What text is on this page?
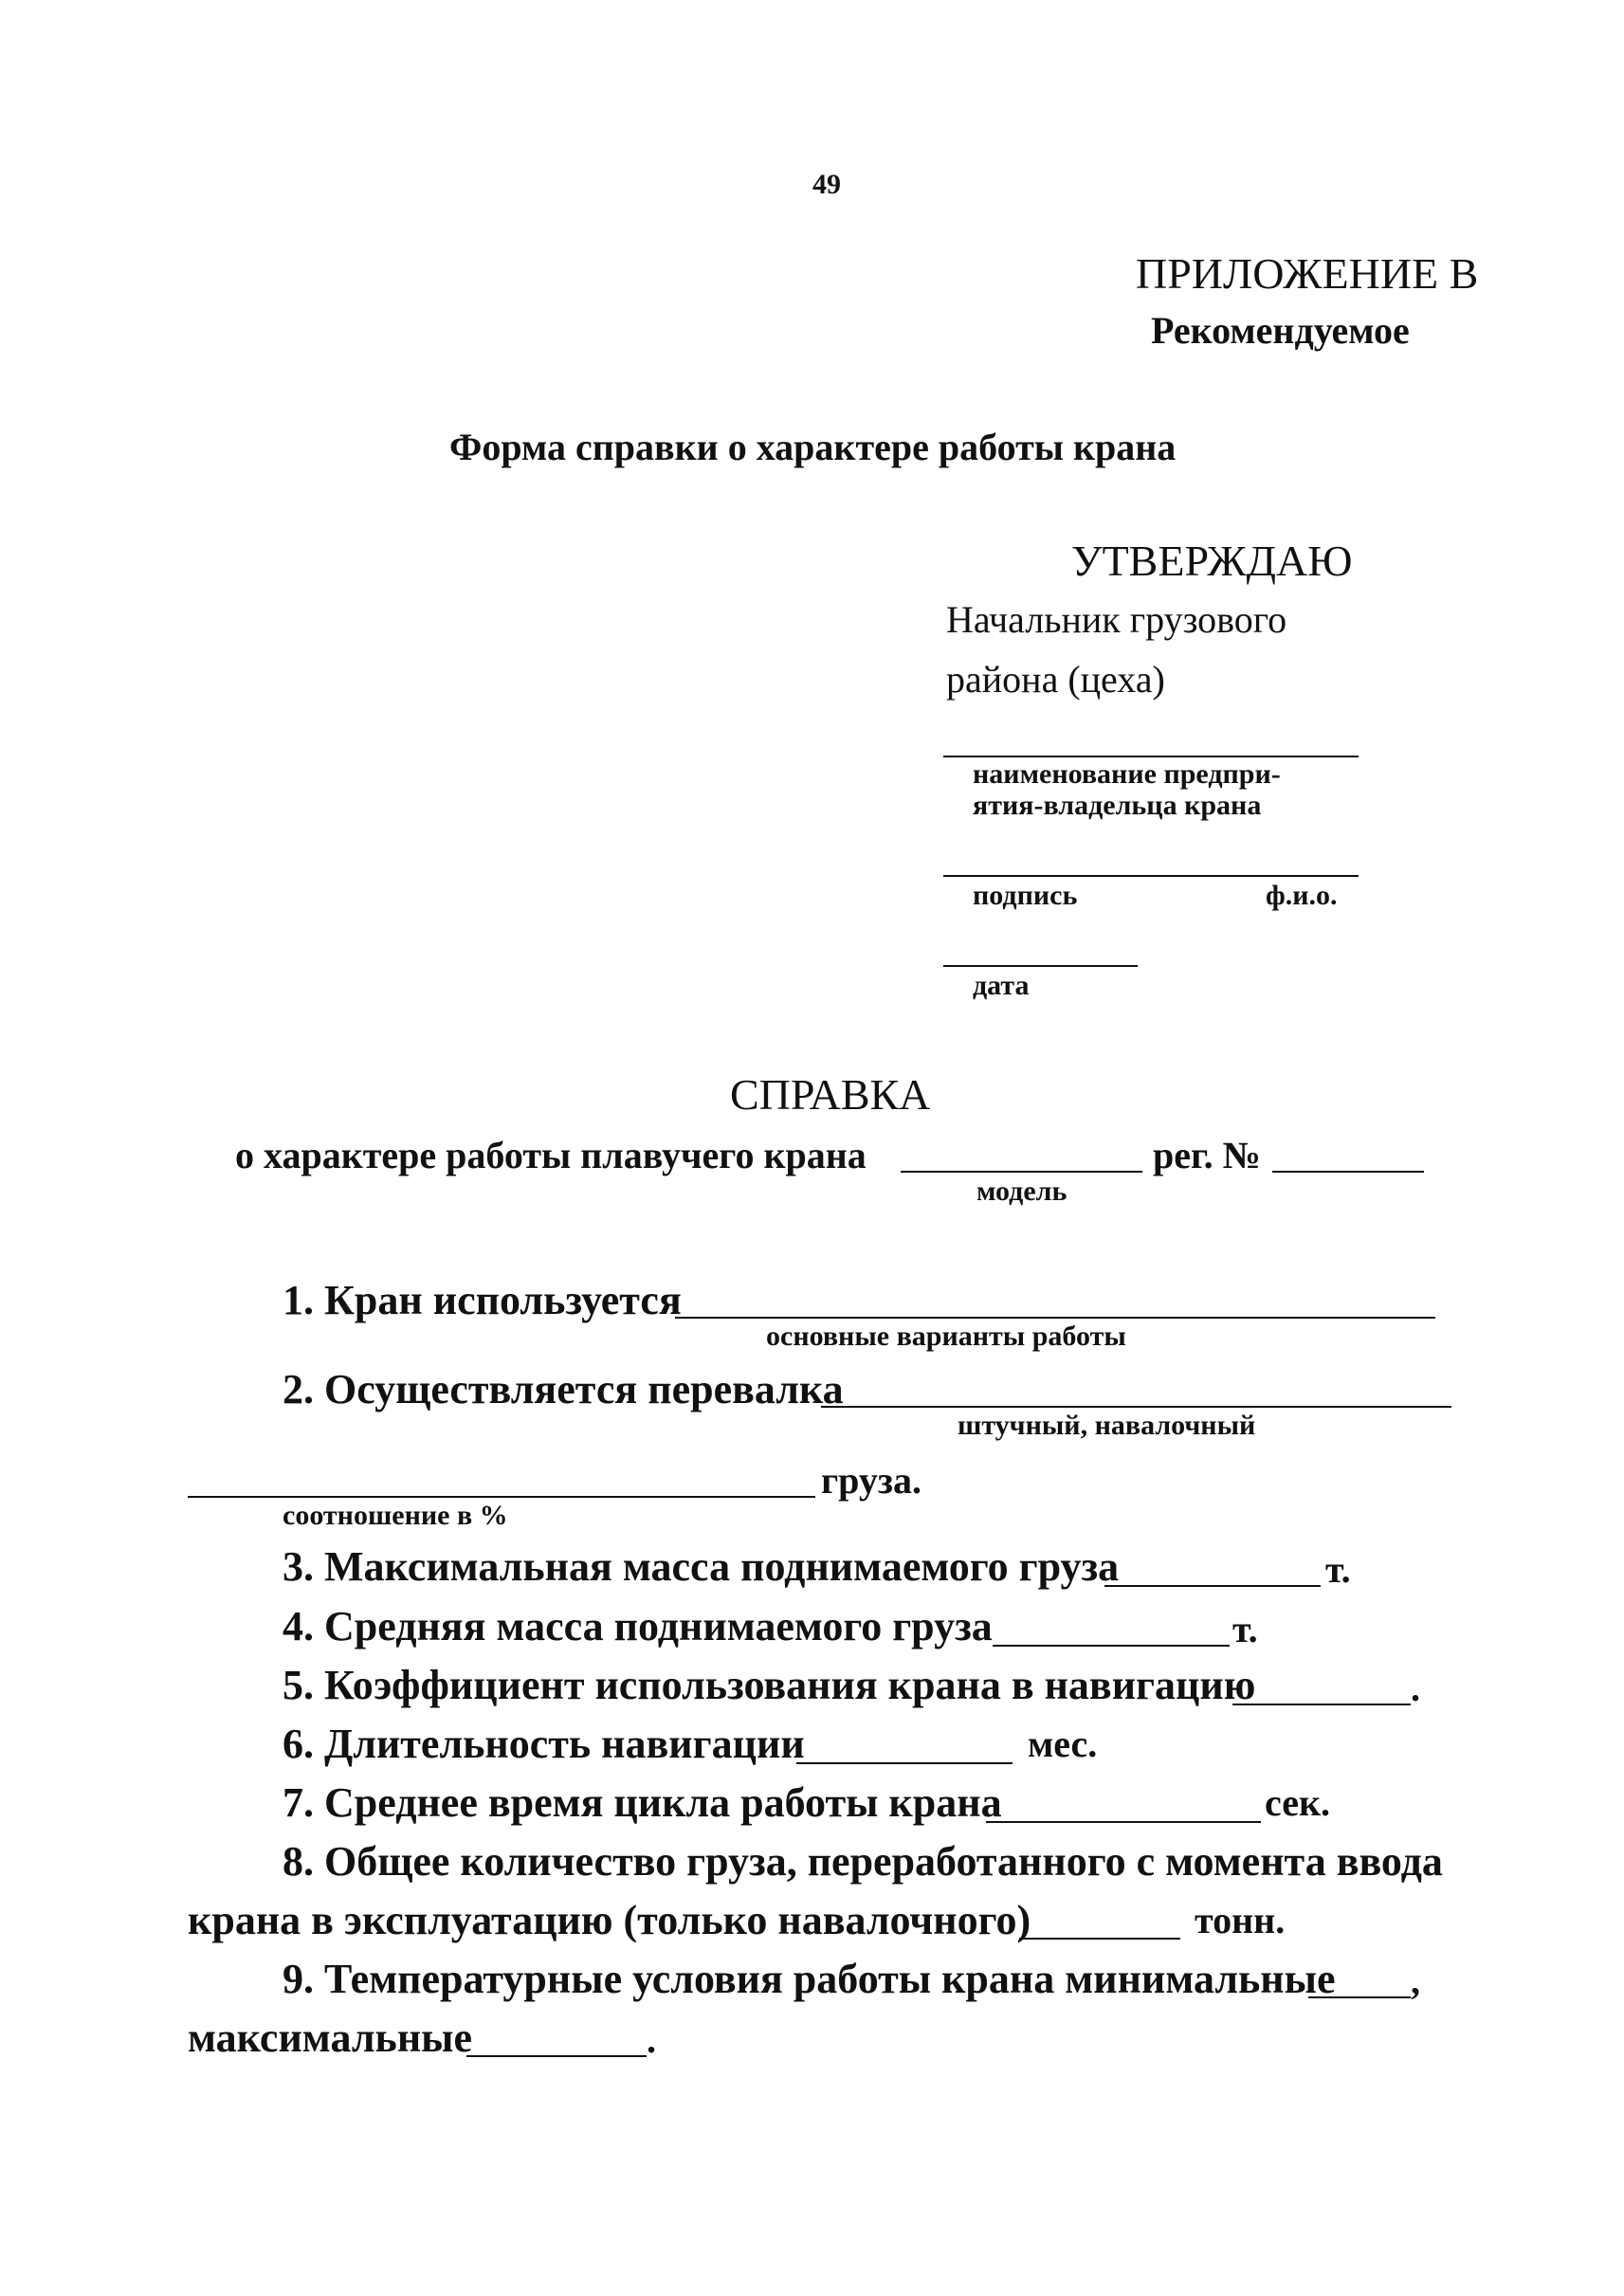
49
ПРИЛОЖЕНИЕ В
Рекомендуемое
Форма справки о характере работы крана
УТВЕРЖДАЮ
Начальник грузового
района (цеха)
наименование предпри-
ятия-владельца крана
подпись	ф.и.о.
дата
СПРАВКА
о характере работы плавучего крана	рег. №
модель
1. Кран используется
основные варианты работы
2. Осуществляется перевалка
штучный, навалочный
груза.
соотношение в %
3. Максимальная масса поднимаемого груза	т.
4. Средняя масса поднимаемого груза	т.
5. Коэффициент использования крана в навигацию	.
6. Длительность навигации	мес.
7. Среднее время цикла работы крана	сек.
8. Общее количество груза, переработанного с момента ввода
крана в эксплуатацию (только навалочного)	тонн.
9. Температурные условия работы крана минимальные ,
максимальные	.
